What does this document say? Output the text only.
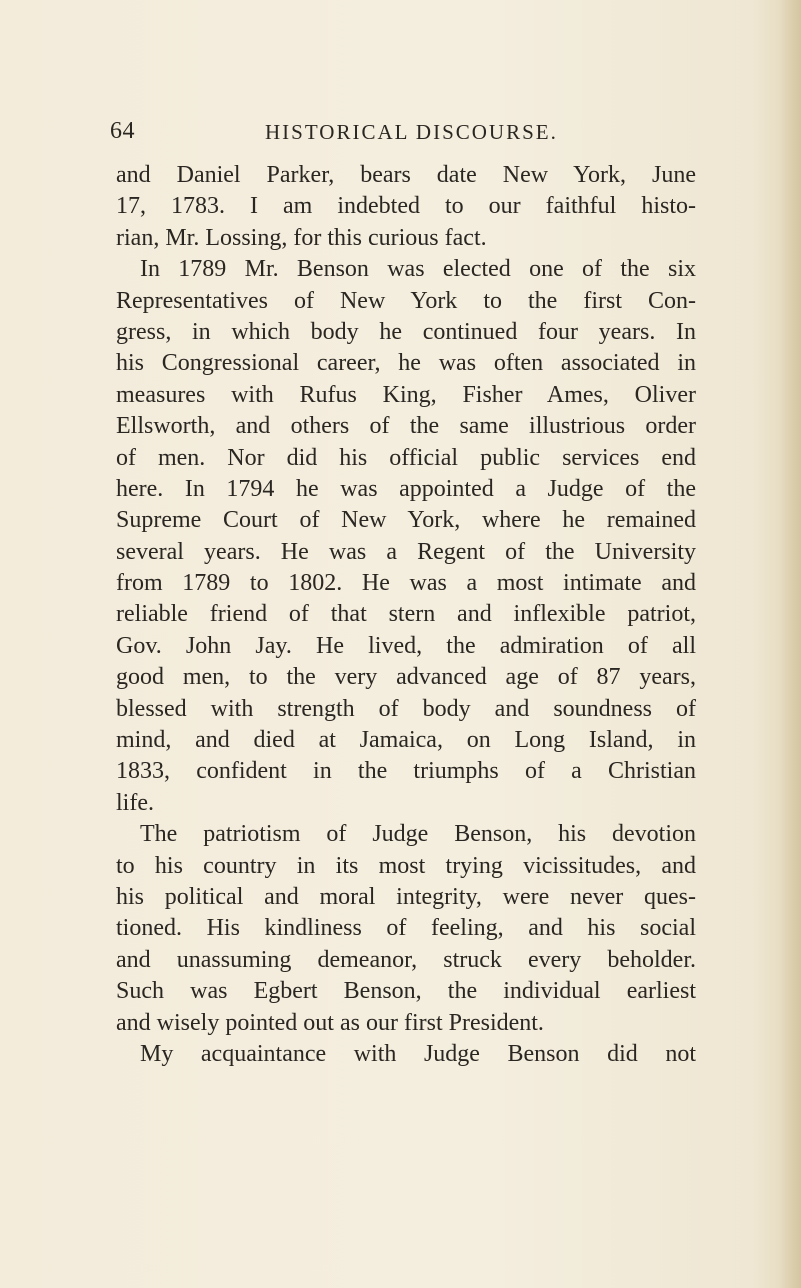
64	HISTORICAL DISCOURSE.
and Daniel Parker, bears date New York, June
17, 1783. I am indebted to our faithful histo-
rian, Mr. Lossing, for this curious fact.
In 1789 Mr. Benson was elected one of the six
Representatives of New York to the first Con-
gress, in which body he continued four years. In
his Congressional career, he was often associated in
measures with Rufus King, Fisher Ames, Oliver
Ellsworth, and others of the same illustrious order
of men. Nor did his official public services end
here. In 1794 he was appointed a Judge of the
Supreme Court of New York, where he remained
several years. He was a Regent of the University
from 1789 to 1802. He was a most intimate and
reliable friend of that stern and inflexible patriot,
Gov. John Jay. He lived, the admiration of all
good men, to the very advanced age of 87 years,
blessed with strength of body and soundness of
mind, and died at Jamaica, on Long Island, in
1833, confident in the triumphs of a Christian
life.
The patriotism of Judge Benson, his devotion
to his country in its most trying vicissitudes, and
his political and moral integrity, were never ques-
tioned. His kindliness of feeling, and his social
and unassuming demeanor, struck every beholder.
Such was Egbert Benson, the individual earliest
and wisely pointed out as our first President.
My acquaintance with Judge Benson did not
